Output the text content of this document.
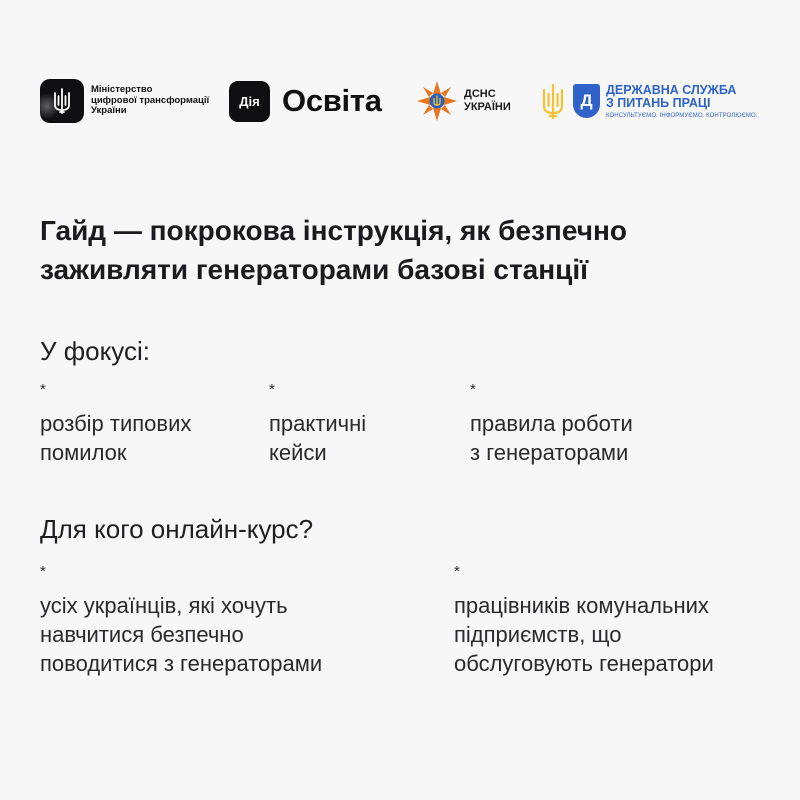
Міністерство
цифрової трансформації
України
Дія Освіта	ДСНС
УКРАЇНИ	Д
ДЕРЖАВНА СЛУЖБА
З ПИТАНЬ ПРАЦІ
КОНСУЛЬТУЄМО. ІНФОРМУЄМО. КОНТРОЛЮЄМО.
Гайд — покрокова інструкція, як безпечно заживляти генераторами базові станції
У фокусі:
*
розбір типових
помилок
*
практичні
кейси
*
правила роботи
з генераторами
Для кого онлайн-курс?
*
усіх українців, які хочуть
навчитися безпечно
поводитися з генераторами
*
працівників комунальних
підприємств, що
обслуговують генератори
